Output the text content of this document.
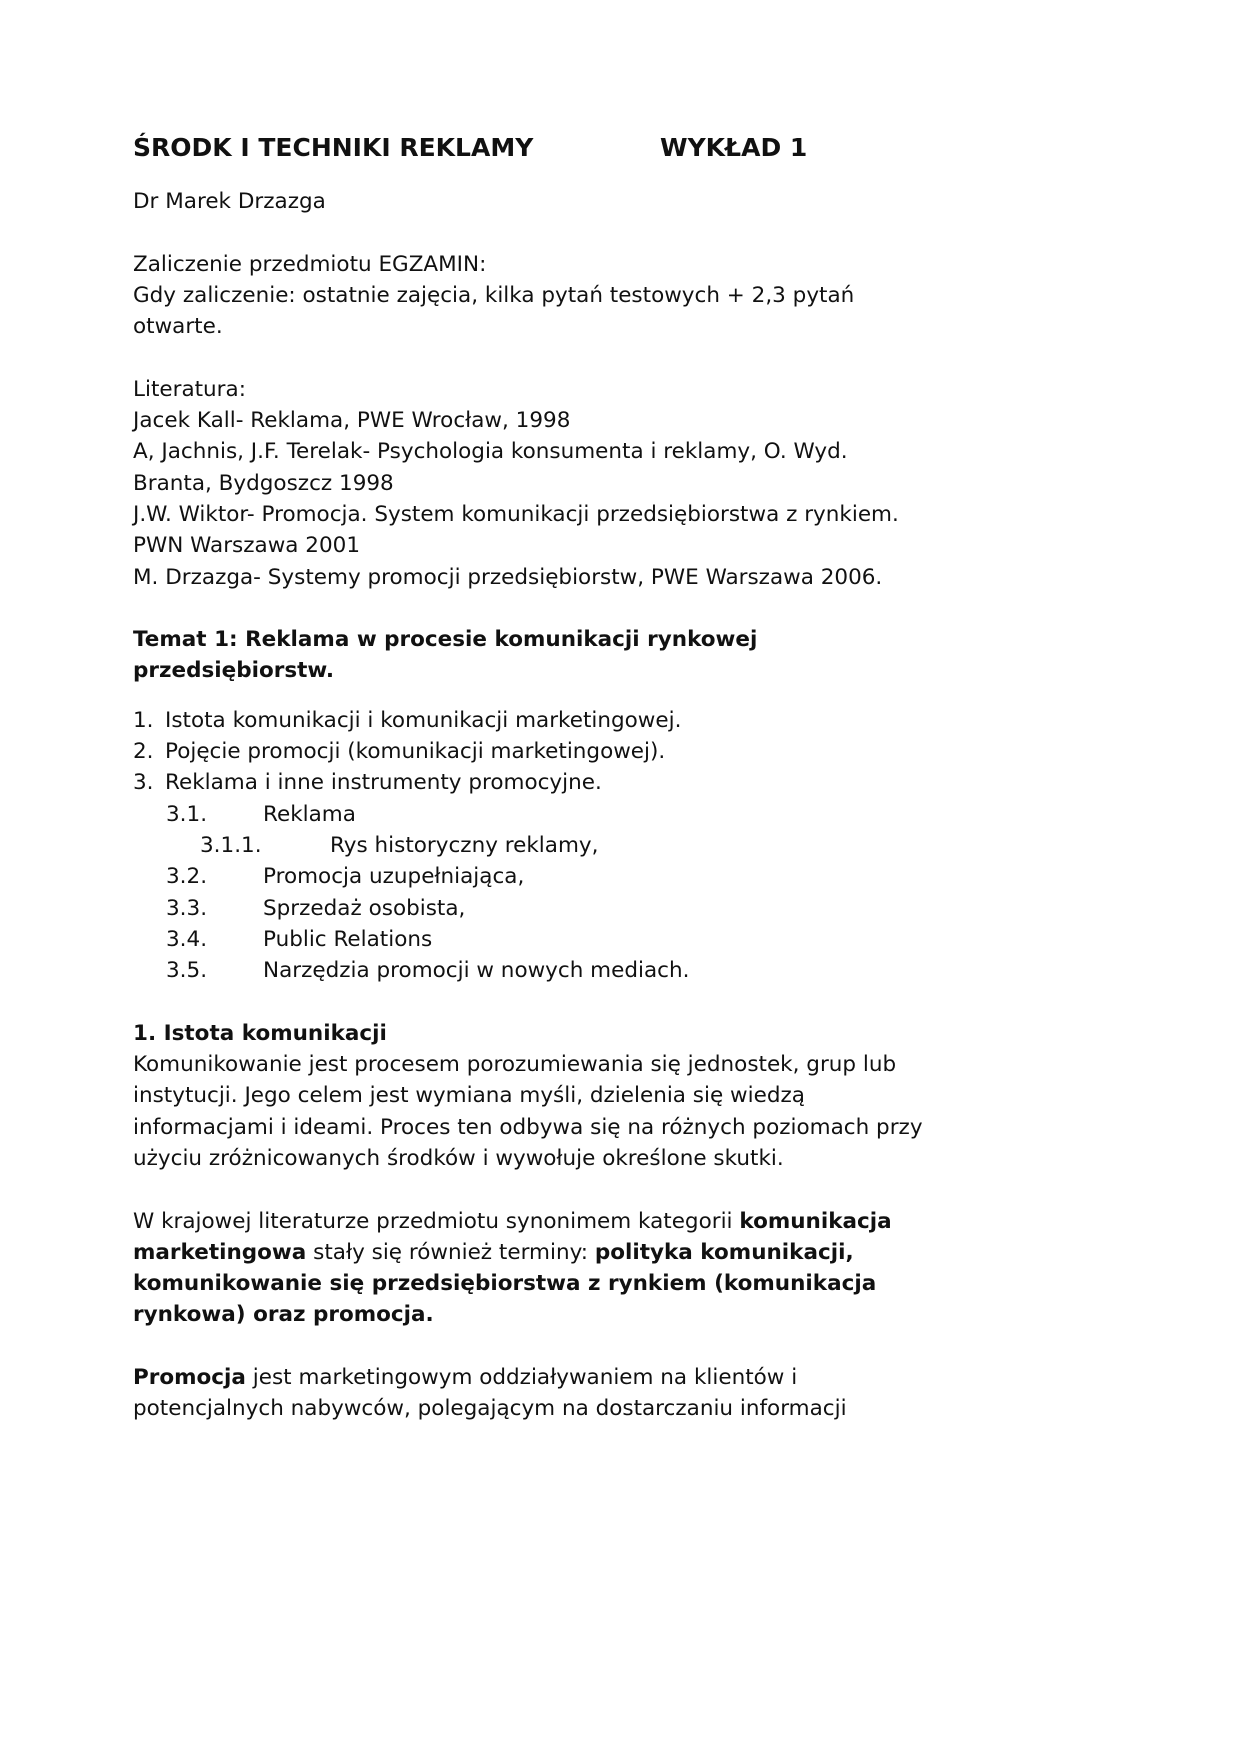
ŚRODK I TECHNIKI REKLAMY	WYKŁAD 1
Dr Marek Drzazga
Zaliczenie przedmiotu EGZAMIN:
Gdy zaliczenie: ostatnie zajęcia, kilka pytań testowych + 2,3 pytań
otwarte.
Literatura:
Jacek Kall- Reklama, PWE Wrocław, 1998
A, Jachnis, J.F. Terelak- Psychologia konsumenta i reklamy, O. Wyd.
Branta, Bydgoszcz 1998
J.W. Wiktor- Promocja. System komunikacji przedsiębiorstwa z rynkiem.
PWN Warszawa 2001
M. Drzazga- Systemy promocji przedsiębiorstw, PWE Warszawa 2006.
Temat 1: Reklama w procesie komunikacji rynkowej
przedsiębiorstw.
1. Istota komunikacji i komunikacji marketingowej.
2. Pojęcie promocji (komunikacji marketingowej).
3. Reklama i inne instrumenty promocyjne.
3.1.	Reklama
3.1.1.	Rys historyczny reklamy,
3.2.	Promocja uzupełniająca,
3.3.	Sprzedaż osobista,
3.4.	Public Relations
3.5.	Narzędzia promocji w nowych mediach.
1. Istota komunikacji
Komunikowanie jest procesem porozumiewania się jednostek, grup lub
instytucji. Jego celem jest wymiana myśli, dzielenia się wiedzą
informacjami i ideami. Proces ten odbywa się na różnych poziomach przy
użyciu zróżnicowanych środków i wywołuje określone skutki.
W krajowej literaturze przedmiotu synonimem kategorii komunikacja
marketingowa stały się również terminy: polityka komunikacji,
komunikowanie się przedsiębiorstwa z rynkiem (komunikacja
rynkowa) oraz promocja.
Promocja jest marketingowym oddziaływaniem na klientów i
potencjalnych nabywców, polegającym na dostarczaniu informacji
